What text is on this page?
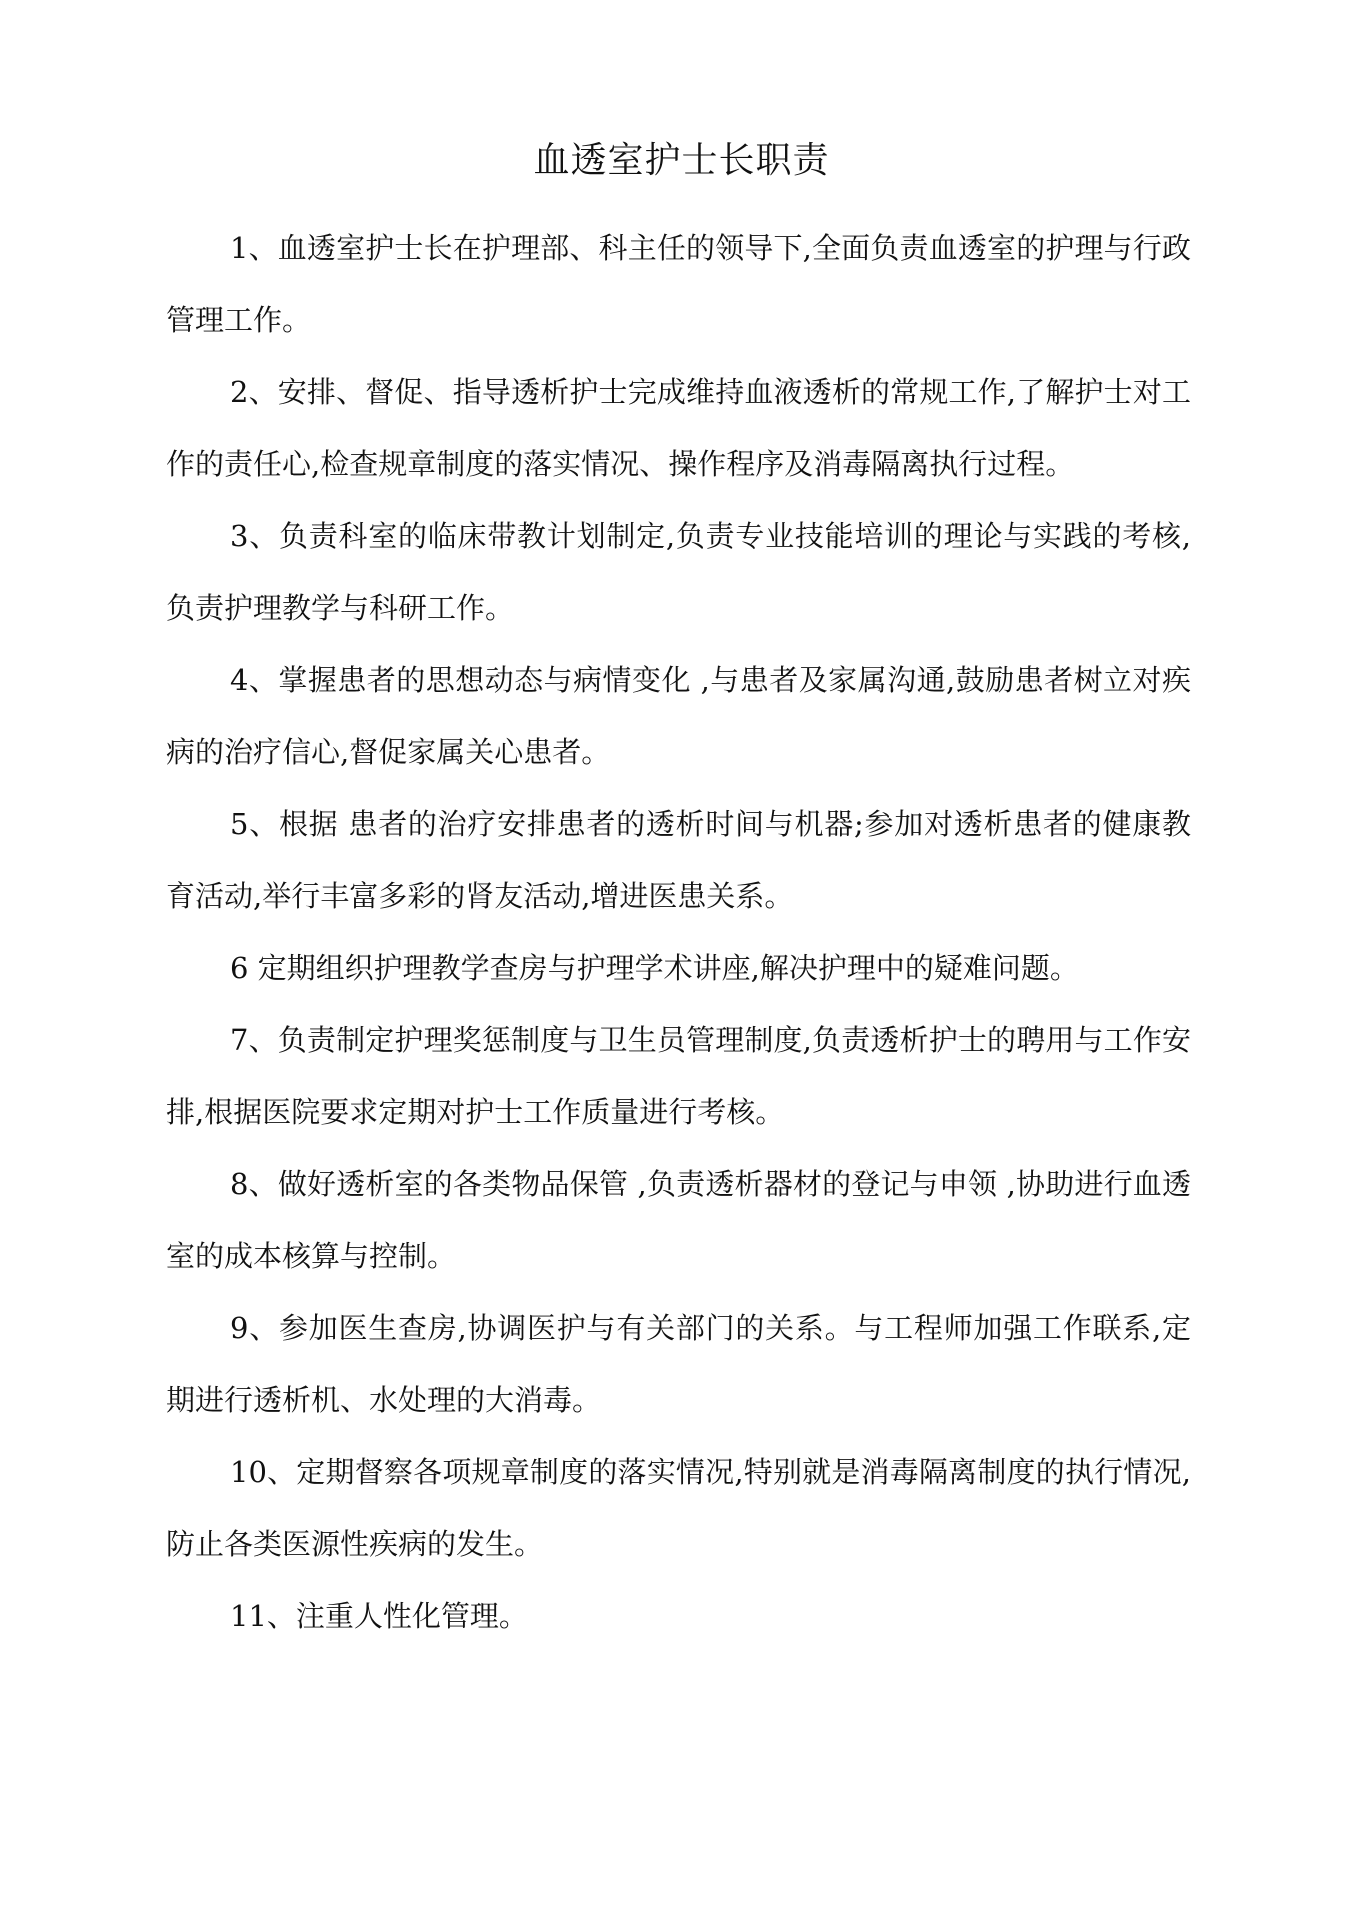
血透室护士长职责

1、血透室护士长在护理部、科主任的领导下,全面负责血透室的护理与行政管理工作。

2、安排、督促、指导透析护士完成维持血液透析的常规工作,了解护士对工作的责任心,检查规章制度的落实情况、操作程序及消毒隔离执行过程。

3、负责科室的临床带教计划制定,负责专业技能培训的理论与实践的考核,负责护理教学与科研工作。

4、掌握患者的思想动态与病情变化 ,与患者及家属沟通,鼓励患者树立对疾病的治疗信心,督促家属关心患者。

5、根据 患者的治疗安排患者的透析时间与机器;参加对透析患者的健康教育活动,举行丰富多彩的肾友活动,增进医患关系。

6 定期组织护理教学查房与护理学术讲座,解决护理中的疑难问题。

7、负责制定护理奖惩制度与卫生员管理制度,负责透析护士的聘用与工作安排,根据医院要求定期对护士工作质量进行考核。

8、做好透析室的各类物品保管 ,负责透析器材的登记与申领 ,协助进行血透室的成本核算与控制。

9、参加医生查房,协调医护与有关部门的关系。与工程师加强工作联系,定期进行透析机、水处理的大消毒。

10、定期督察各项规章制度的落实情况,特别就是消毒隔离制度的执行情况,防止各类医源性疾病的发生。

11、注重人性化管理。
